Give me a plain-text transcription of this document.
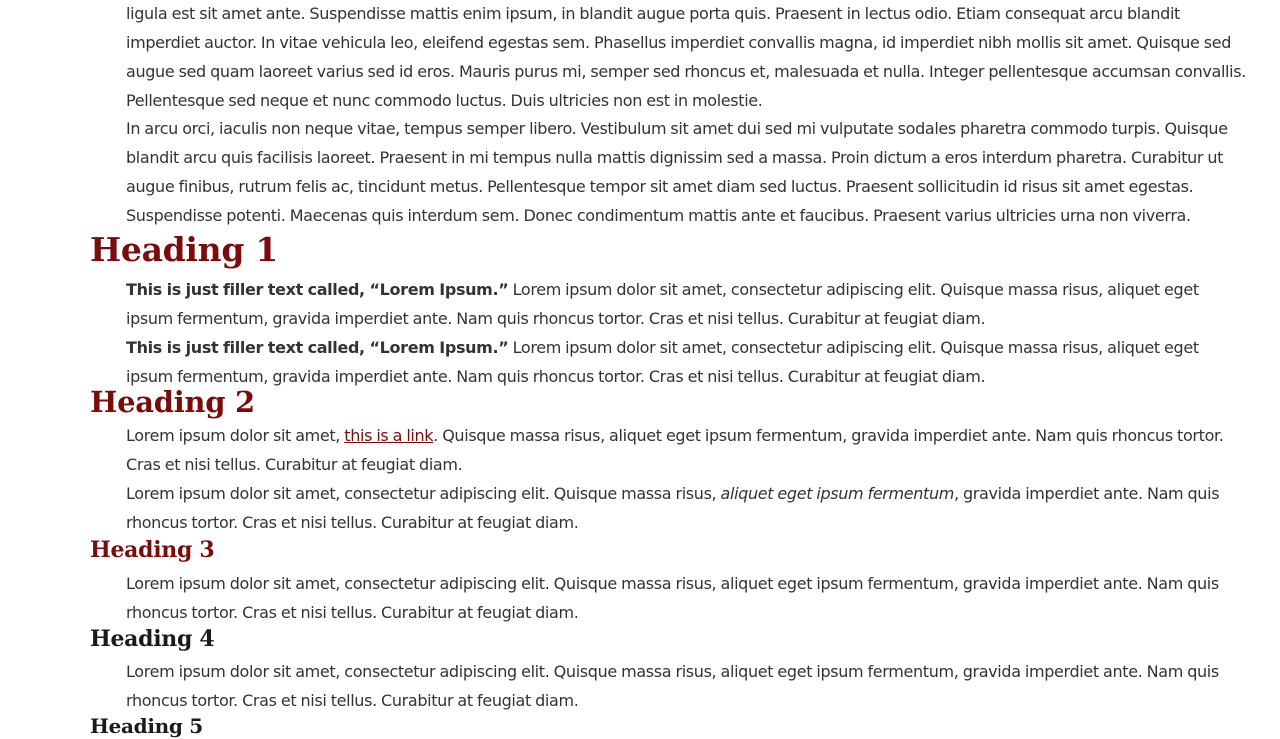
ligula est sit amet ante. Suspendisse mattis enim ipsum, in blandit augue porta quis. Praesent in lectus odio. Etiam consequat arcu blandit imperdiet auctor. In vitae vehicula leo, eleifend egestas sem. Phasellus imperdiet convallis magna, id imperdiet nibh mollis sit amet. Quisque sed augue sed quam laoreet varius sed id eros. Mauris purus mi, semper sed rhoncus et, malesuada et nulla. Integer pellentesque accumsan convallis. Pellentesque sed neque et nunc commodo luctus. Duis ultricies non est in molestie.

In arcu orci, iaculis non neque vitae, tempus semper libero. Vestibulum sit amet dui sed mi vulputate sodales pharetra commodo turpis. Quisque blandit arcu quis facilisis laoreet. Praesent in mi tempus nulla mattis dignissim sed a massa. Proin dictum a eros interdum pharetra. Curabitur ut augue finibus, rutrum felis ac, tincidunt metus. Pellentesque tempor sit amet diam sed luctus. Praesent sollicitudin id risus sit amet egestas. Suspendisse potenti. Maecenas quis interdum sem. Donec condimentum mattis ante et faucibus. Praesent varius ultricies urna non viverra.

Heading 1

This is just filler text called, “Lorem Ipsum.” Lorem ipsum dolor sit amet, consectetur adipiscing elit. Quisque massa risus, aliquet eget ipsum fermentum, gravida imperdiet ante. Nam quis rhoncus tortor. Cras et nisi tellus. Curabitur at feugiat diam.

This is just filler text called, “Lorem Ipsum.” Lorem ipsum dolor sit amet, consectetur adipiscing elit. Quisque massa risus, aliquet eget ipsum fermentum, gravida imperdiet ante. Nam quis rhoncus tortor. Cras et nisi tellus. Curabitur at feugiat diam.

Heading 2

Lorem ipsum dolor sit amet, this is a link. Quisque massa risus, aliquet eget ipsum fermentum, gravida imperdiet ante. Nam quis rhoncus tortor. Cras et nisi tellus. Curabitur at feugiat diam.

Lorem ipsum dolor sit amet, consectetur adipiscing elit. Quisque massa risus, aliquet eget ipsum fermentum, gravida imperdiet ante. Nam quis rhoncus tortor. Cras et nisi tellus. Curabitur at feugiat diam.

Heading 3

Lorem ipsum dolor sit amet, consectetur adipiscing elit. Quisque massa risus, aliquet eget ipsum fermentum, gravida imperdiet ante. Nam quis rhoncus tortor. Cras et nisi tellus. Curabitur at feugiat diam.

Heading 4

Lorem ipsum dolor sit amet, consectetur adipiscing elit. Quisque massa risus, aliquet eget ipsum fermentum, gravida imperdiet ante. Nam quis rhoncus tortor. Cras et nisi tellus. Curabitur at feugiat diam.

Heading 5
